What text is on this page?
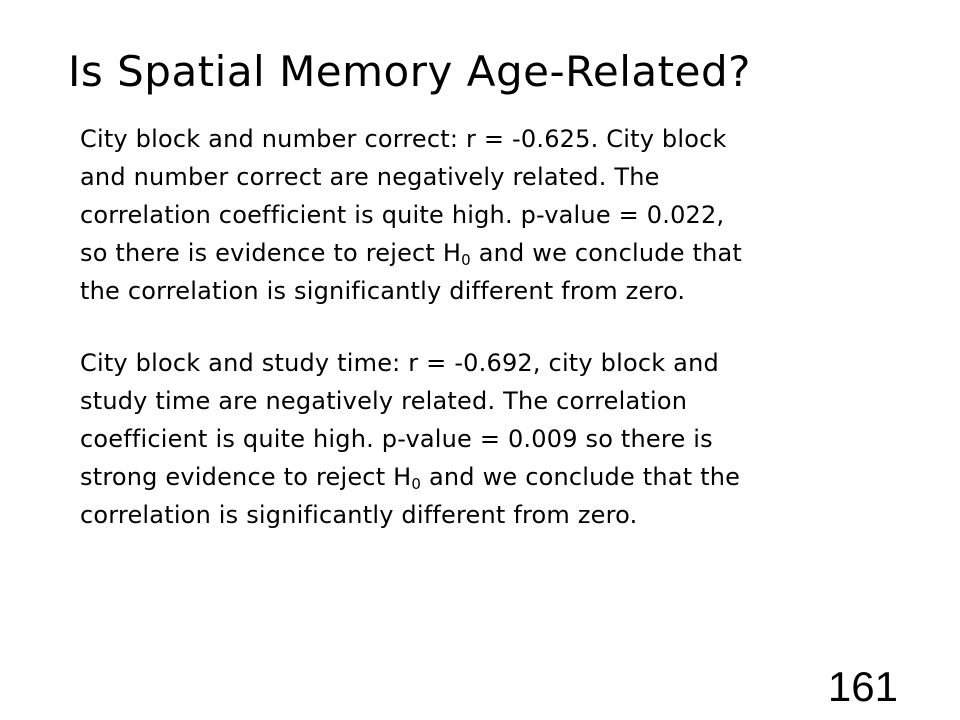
Is Spatial Memory Age-Related?

City block and number correct: r = -0.625. City block
and number correct are negatively related. The
correlation coefficient is quite high. p-value = 0.022,
so there is evidence to reject $H_0$ and we conclude that
the correlation is significantly different from zero.

City block and study time: r = -0.692, city block and
study time are negatively related. The correlation
coefficient is quite high. p-value = 0.009 so there is
strong evidence to reject $H_0$ and we conclude that the
correlation is significantly different from zero.

161
